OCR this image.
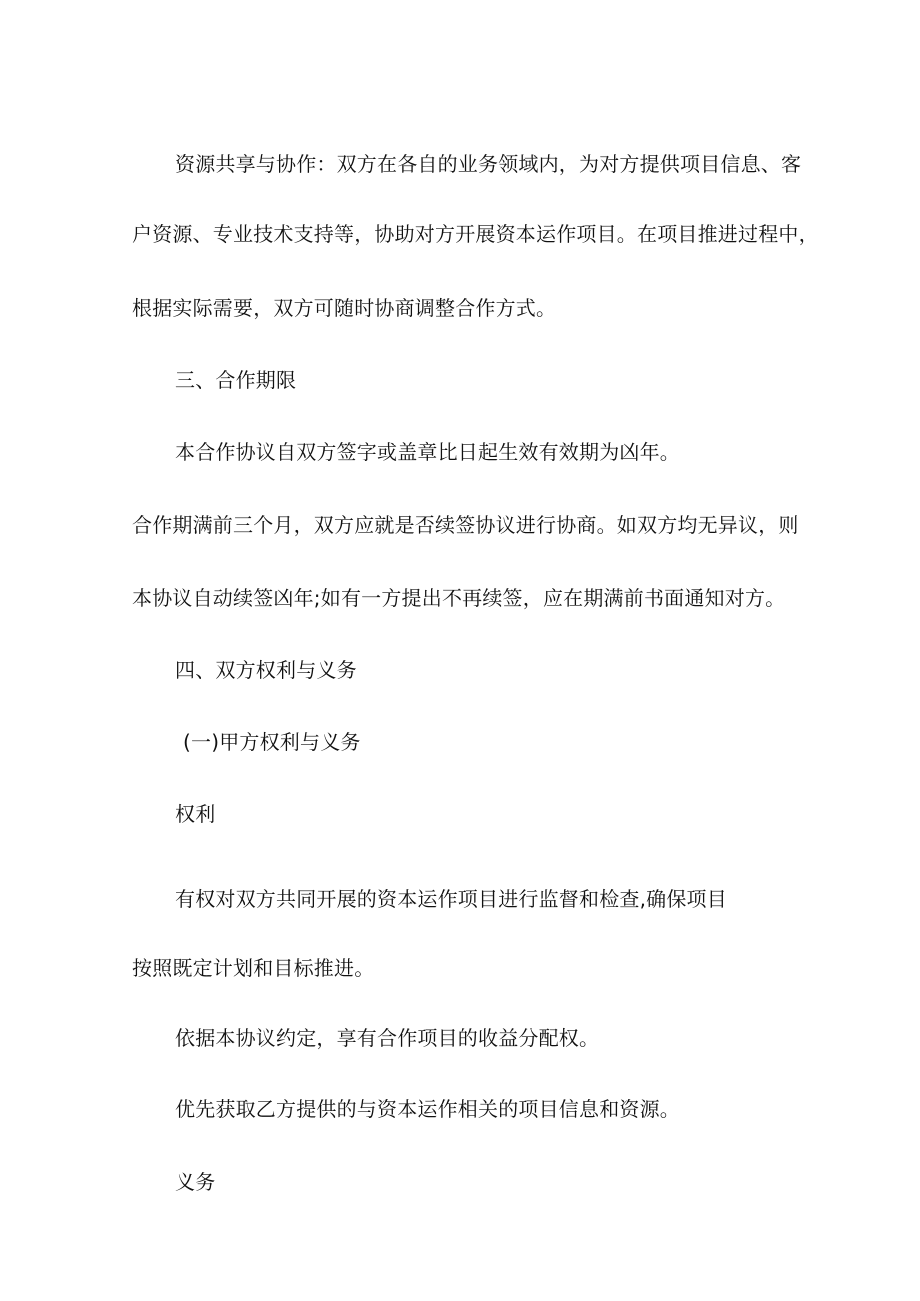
资源共享与协作：双方在各自的业务领域内，为对方提供项目信息、客
户资源、专业技术支持等，协助对方开展资本运作项目。在项目推进过程中，
根据实际需要，双方可随时协商调整合作方式。
三、合作期限
本合作协议自双方签字或盖章比日起生效有效期为凶年。
合作期满前三个月，双方应就是否续签协议进行协商。如双方均无异议，则
本协议自动续签凶年;如有一方提出不再续签，应在期满前书面通知对方。
四、双方权利与义务
(一)甲方权利与义务
权利
有权对双方共同开展的资本运作项目进行监督和检查,确保项目
按照既定计划和目标推进。
依据本协议约定，享有合作项目的收益分配权。
优先获取乙方提供的与资本运作相关的项目信息和资源。
义务
